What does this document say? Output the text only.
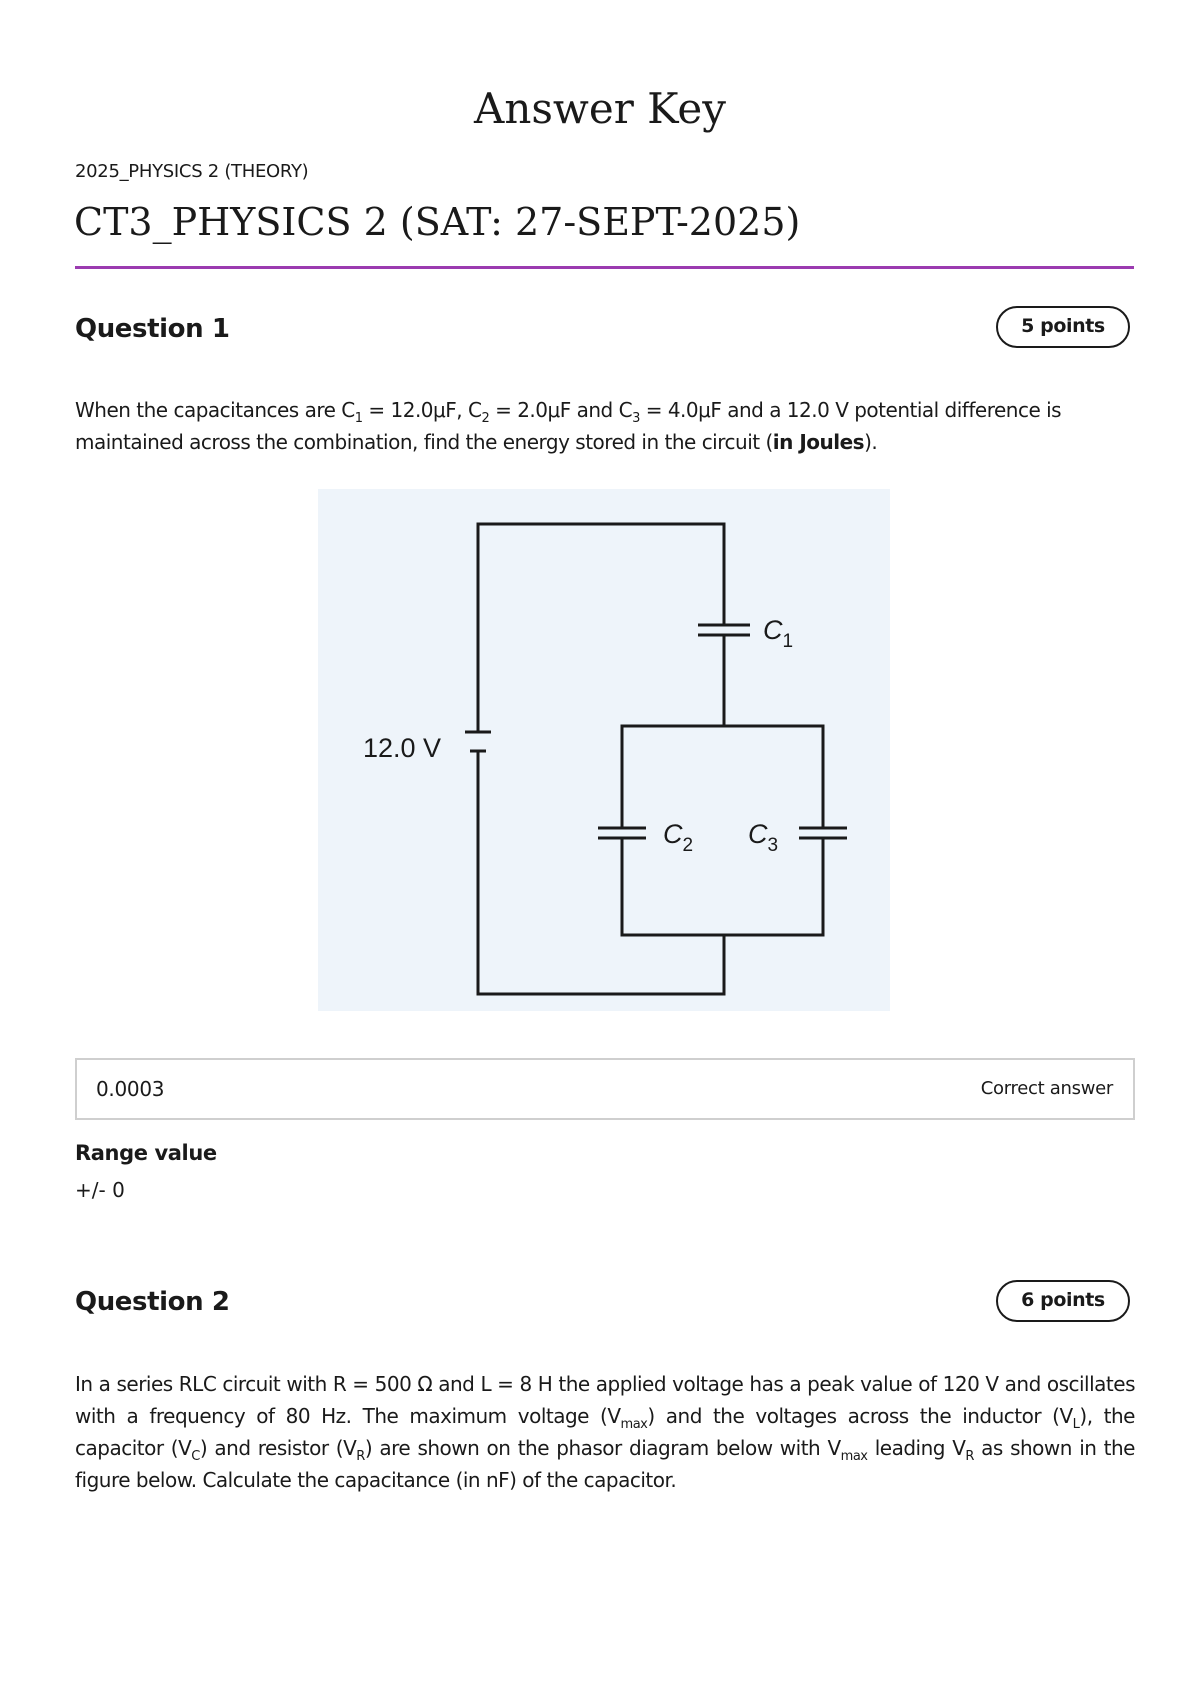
Answer Key
2025_PHYSICS 2 (THEORY)
CT3_PHYSICS 2 (SAT: 27-SEPT-2025)
Question 1	5 points

When the capacitances are $C_1 = 12.0\mu F$, $C_2 = 2.0\mu F$ and $C_3 = 4.0\mu F$ and a 12.0 V potential difference is maintained across the combination, find the energy stored in the circuit (in Joules).

12.0 V
$C_1$
$C_2$ $C_3$
0.0003	Correct answer
Range value
+/- 0
Question 2	6 points

In a series RLC circuit with R = 500 Ω and L = 8 H the applied voltage has a peak value of 120 V and oscillates with a frequency of 80 Hz. The maximum voltage $(V_{max})$ and the voltages across the inductor $(V_L)$, the capacitor $(V_C)$ and resistor $(V_R)$ are shown on the phasor diagram below with $V_{max}$ leading $V_R$ as shown in the figure below. Calculate the capacitance (in nF) of the capacitor.
